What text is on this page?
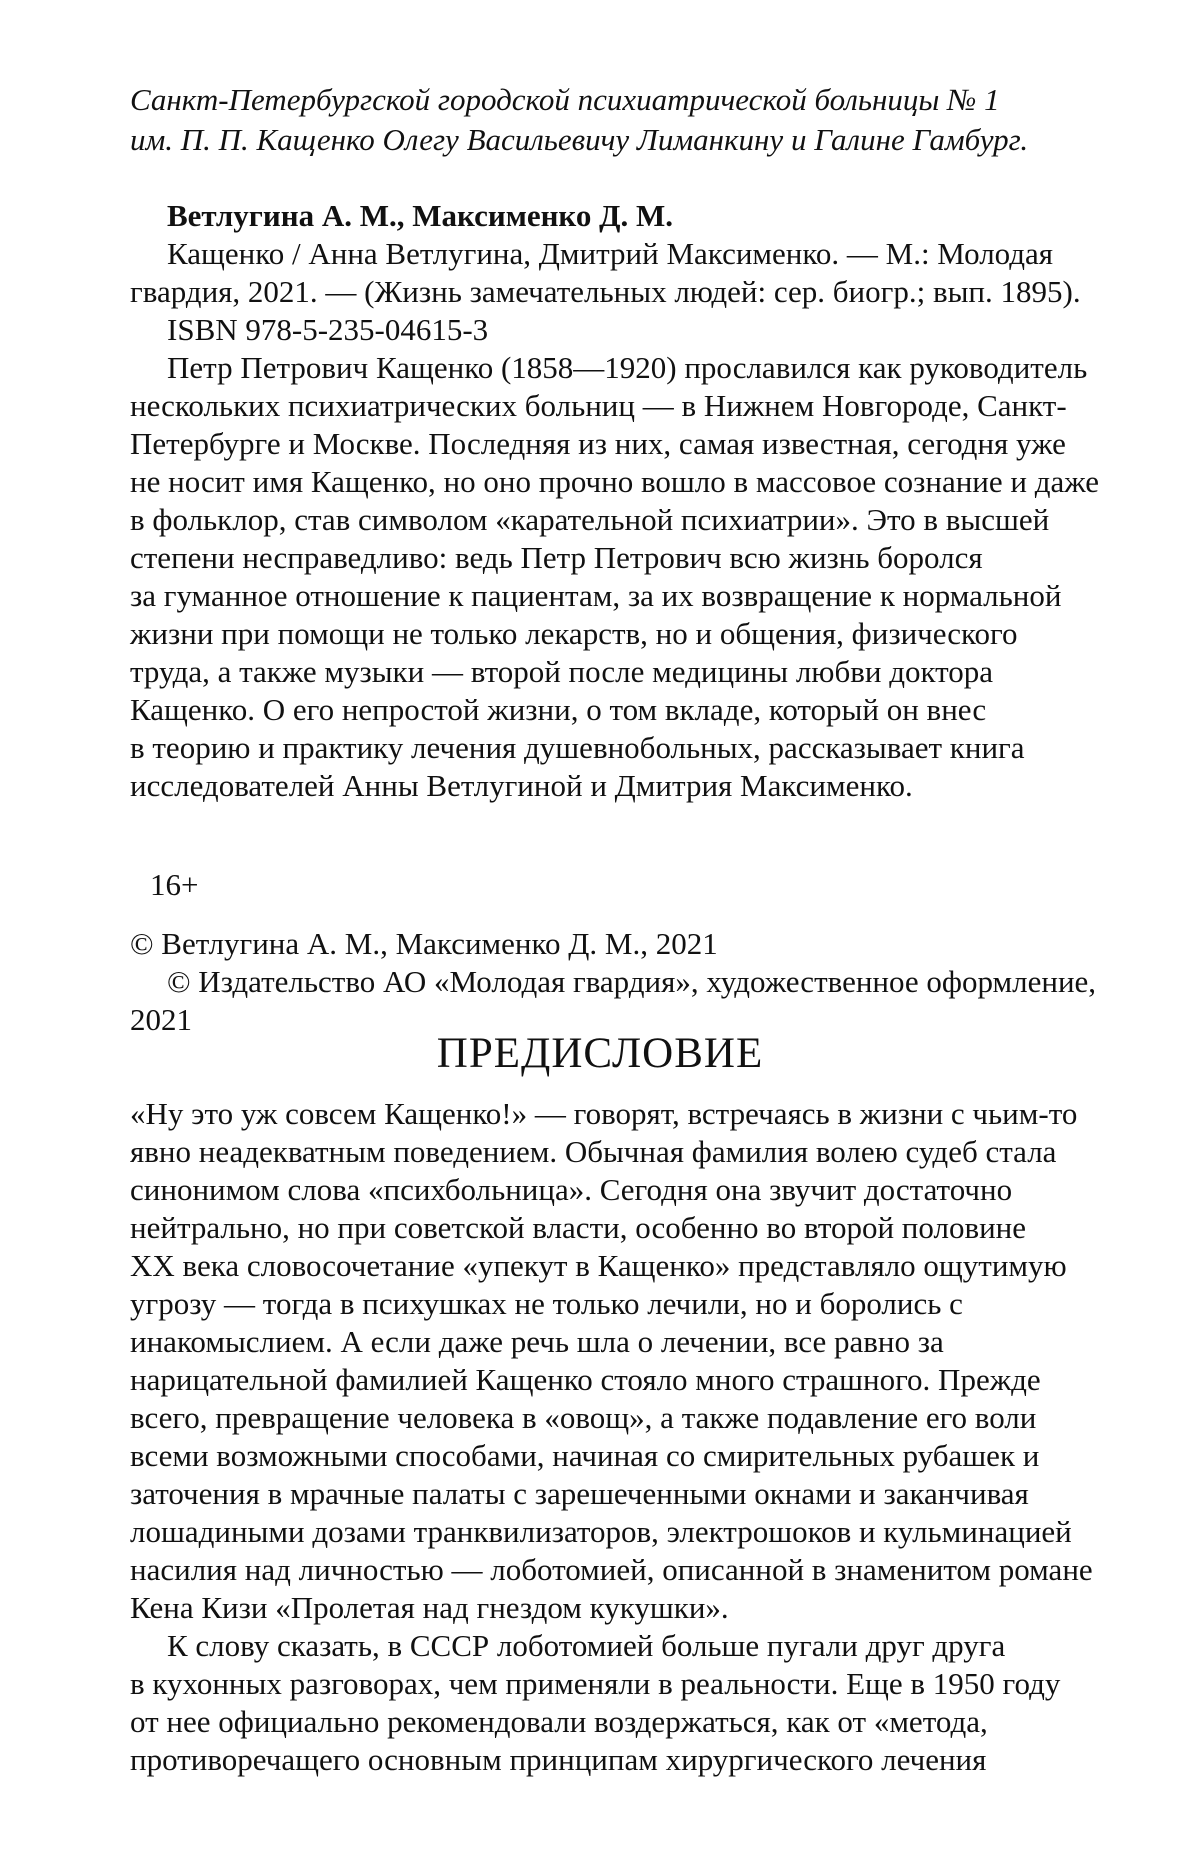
Санкт-Петербургской городской психиатрической больницы № 1
им. П. П. Кащенко Олегу Васильевичу Лиманкину и Галине Гамбург.
Ветлугина А. М., Максименко Д. М.
Кащенко / Анна Ветлугина, Дмитрий Максименко. — М.: Молодая
гвардия, 2021. — (Жизнь замечательных людей: сер. биогр.; вып. 1895).
ISBN 978-5-235-04615-3
Петр Петрович Кащенко (1858—1920) прославился как руководитель
нескольких психиатрических больниц — в Нижнем Новгороде, Санкт-
Петербурге и Москве. Последняя из них, самая известная, сегодня уже
не носит имя Кащенко, но оно прочно вошло в массовое сознание и даже
в фольклор, став символом «карательной психиатрии». Это в высшей
степени несправедливо: ведь Петр Петрович всю жизнь боролся
за гуманное отношение к пациентам, за их возвращение к нормальной
жизни при помощи не только лекарств, но и общения, физического
труда, а также музыки — второй после медицины любви доктора
Кащенко. О его непростой жизни, о том вкладе, который он внес
в теорию и практику лечения душевнобольных, рассказывает книга
исследователей Анны Ветлугиной и Дмитрия Максименко.
16+
© Ветлугина А. М., Максименко Д. М., 2021
© Издательство АО «Молодая гвардия», художественное оформление,
2021
ПРЕДИСЛОВИЕ
«Ну это уж совсем Кащенко!» — говорят, встречаясь в жизни с чьим-то
явно неадекватным поведением. Обычная фамилия волею судеб стала
синонимом слова «психбольница». Сегодня она звучит достаточно
нейтрально, но при советской власти, особенно во второй половине
XX века словосочетание «упекут в Кащенко» представляло ощутимую
угрозу — тогда в психушках не только лечили, но и боролись с
инакомыслием. А если даже речь шла о лечении, все равно за
нарицательной фамилией Кащенко стояло много страшного. Прежде
всего, превращение человека в «овощ», а также подавление его воли
всеми возможными способами, начиная со смирительных рубашек и
заточения в мрачные палаты с зарешеченными окнами и заканчивая
лошадиными дозами транквилизаторов, электрошоков и кульминацией
насилия над личностью — лоботомией, описанной в знаменитом романе
Кена Кизи «Пролетая над гнездом кукушки».
К слову сказать, в СССР лоботомией больше пугали друг друга
в кухонных разговорах, чем применяли в реальности. Еще в 1950 году
от нее официально рекомендовали воздержаться, как от «метода,
противоречащего основным принципам хирургического лечения
